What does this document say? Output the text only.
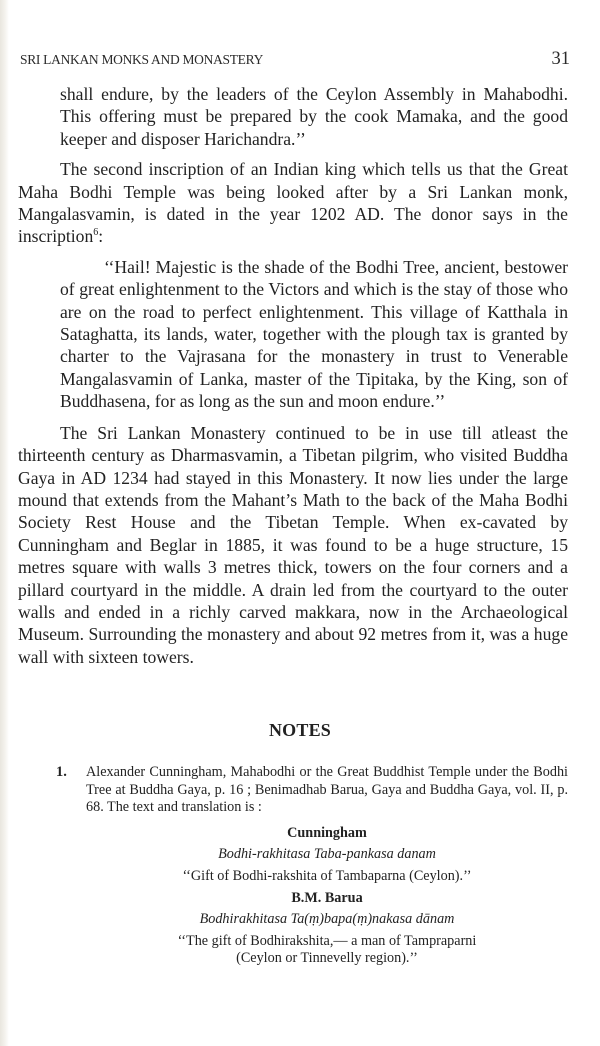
SRI LANKAN MONKS AND MONASTERY	31

shall endure, by the leaders of the Ceylon Assembly in Mahabodhi. This offering must be prepared by the cook Mamaka, and the good keeper and disposer Harichandra.’’

The second inscription of an Indian king which tells us that the Great Maha Bodhi Temple was being looked after by a Sri Lankan monk, Mangalasvamin, is dated in the year 1202 AD. The donor says in the inscription$^6$:

‘‘Hail! Majestic is the shade of the Bodhi Tree, ancient, bestower of great enlightenment to the Victors and which is the stay of those who are on the road to perfect enlightenment. This village of Katthala in Sataghatta, its lands, water, together with the plough tax is granted by charter to the Vajrasana for the monastery in trust to Venerable Mangalasvamin of Lanka, master of the Tipitaka, by the King, son of Buddhasena, for as long as the sun and moon endure.’’

The Sri Lankan Monastery continued to be in use till atleast the thirteenth century as Dharmasvamin, a Tibetan pilgrim, who visited Buddha Gaya in AD 1234 had stayed in this Monastery. It now lies under the large mound that extends from the Mahant’s Math to the back of the Maha Bodhi Society Rest House and the Tibetan Temple. When ex-cavated by Cunningham and Beglar in 1885, it was found to be a huge structure, 15 metres square with walls 3 metres thick, towers on the four corners and a pillard courtyard in the middle. A drain led from the courtyard to the outer walls and ended in a richly carved makkara, now in the Archaeological Museum. Surrounding the monastery and about 92 metres from it, was a huge wall with sixteen towers.

NOTES
1. Alexander Cunningham, Mahabodhi or the Great Buddhist Temple under the Bodhi Tree at Buddha Gaya, p. 16 ; Benimadhab Barua, Gaya and Buddha Gaya, vol. II, p. 68. The text and translation is :
Cunningham
Bodhi-rakhitasa Taba-pankasa danam
‘‘Gift of Bodhi-rakshita of Tambaparna (Ceylon).’’
B.M. Barua
Bodhirakhitasa Ta(ṃ)bapa(ṃ)nakasa dānam
‘‘The gift of Bodhirakshita,— a man of Tampraparni
(Ceylon or Tinnevelly region).’’
